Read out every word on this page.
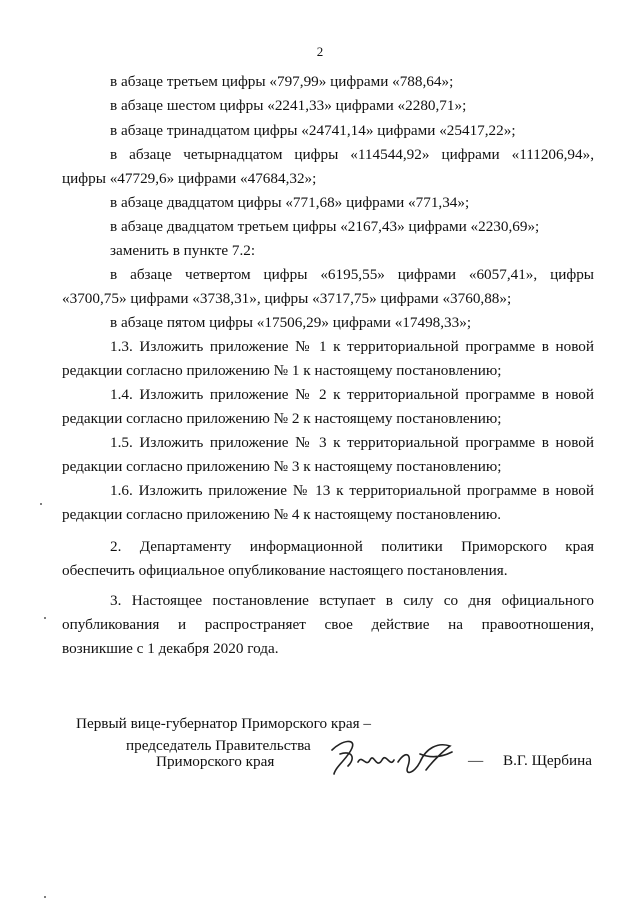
2
в абзаце третьем цифры «797,99» цифрами «788,64»;
в абзаце шестом цифры «2241,33» цифрами «2280,71»;
в абзаце тринадцатом цифры «24741,14» цифрами «25417,22»;
в абзаце четырнадцатом цифры «114544,92» цифрами «111206,94»,
цифры «47729,6» цифрами «47684,32»;
в абзаце двадцатом цифры «771,68» цифрами «771,34»;
в абзаце двадцатом третьем цифры «2167,43» цифрами «2230,69»;
заменить в пункте 7.2:
в абзаце четвертом цифры «6195,55» цифрами «6057,41», цифры
«3700,75» цифрами «3738,31», цифры «3717,75» цифрами «3760,88»;
в абзаце пятом цифры «17506,29» цифрами «17498,33»;
1.3. Изложить приложение № 1 к территориальной программе в новой
редакции согласно приложению № 1 к настоящему постановлению;
1.4. Изложить приложение № 2 к территориальной программе в новой
редакции согласно приложению № 2 к настоящему постановлению;
1.5. Изложить приложение № 3 к территориальной программе в новой
редакции согласно приложению № 3 к настоящему постановлению;
1.6. Изложить приложение № 13 к территориальной программе в новой
редакции согласно приложению № 4 к настоящему постановлению.
2. Департаменту информационной политики Приморского края
обеспечить официальное опубликование настоящего постановления.
3. Настоящее постановление вступает в силу со дня официального
опубликования и распространяет свое действие на правоотношения,
возникшие с 1 декабря 2020 года.
Первый вице-губернатор Приморского края –
председатель Правительства
Приморского края	— В.Г. Щербина
